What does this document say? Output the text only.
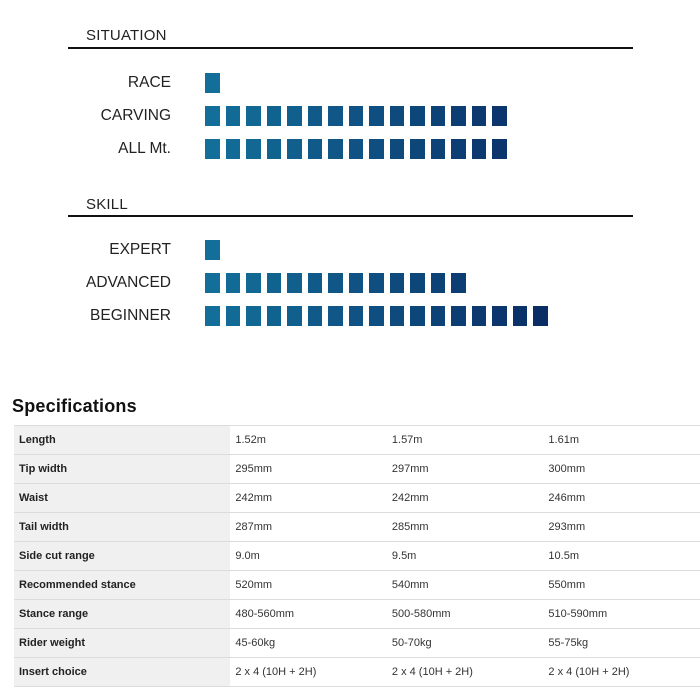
SITUATION
RACE
CARVING
ALL Mt.
SKILL
EXPERT
ADVANCED
BEGINNER
Specifications
Length	1.52m	1.57m	1.61m
Tip width	295mm	297mm	300mm
Waist	242mm	242mm	246mm
Tail width	287mm	285mm	293mm
Side cut range	9.0m	9.5m	10.5m
Recommended stance	520mm	540mm	550mm
Stance range	480-560mm	500-580mm	510-590mm
Rider weight	45-60kg	50-70kg	55-75kg
Insert choice	2 x 4 (10H + 2H)	2 x 4 (10H + 2H)	2 x 4 (10H + 2H)
